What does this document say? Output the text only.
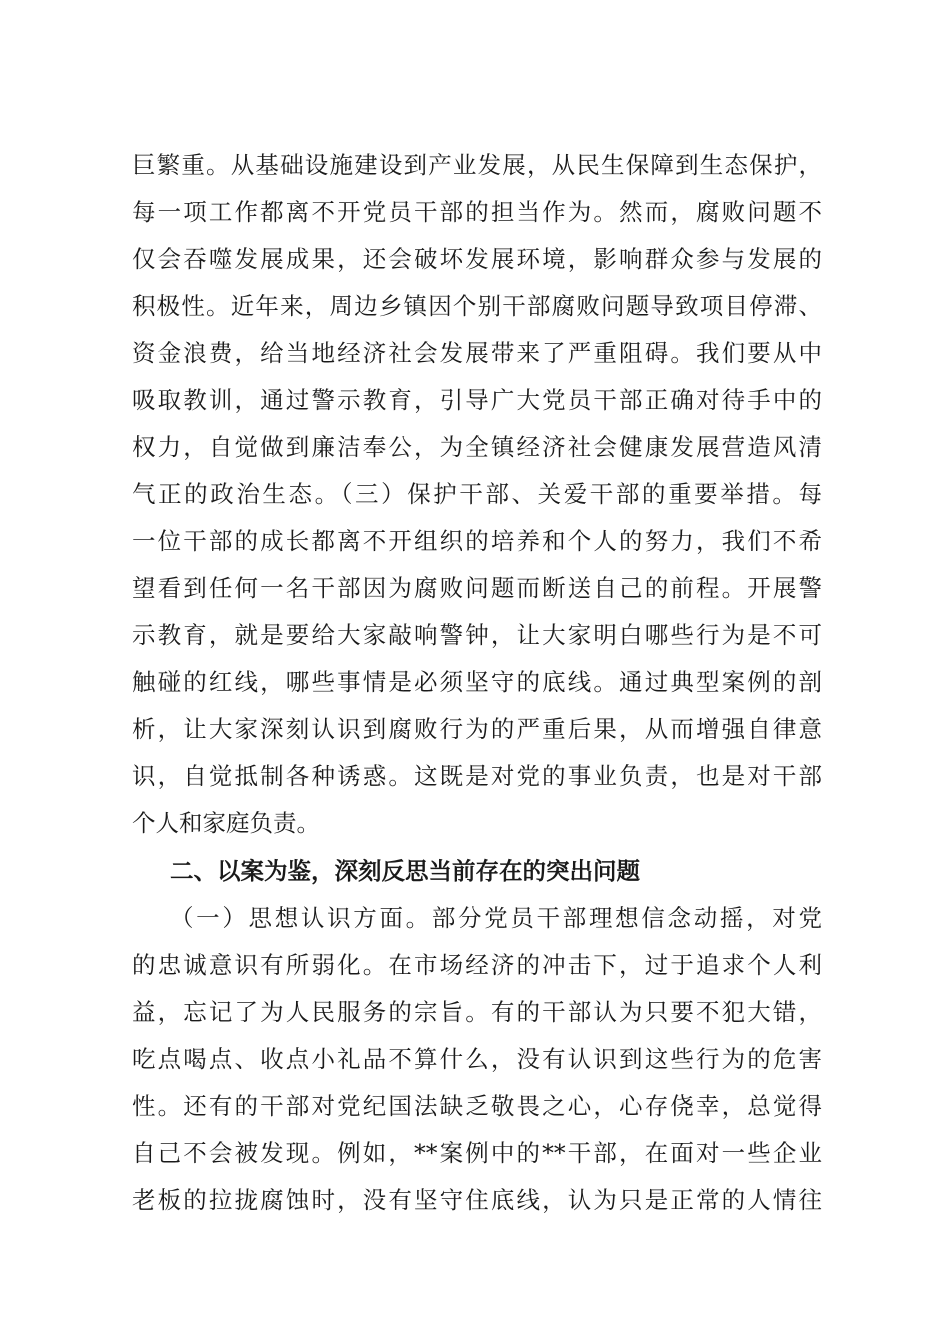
巨繁重。从基础设施建设到产业发展，从民生保障到生态保护，
每一项工作都离不开党员干部的担当作为。然而，腐败问题不
仅会吞噬发展成果，还会破坏发展环境，影响群众参与发展的
积极性。近年来，周边乡镇因个别干部腐败问题导致项目停滞、
资金浪费，给当地经济社会发展带来了严重阻碍。我们要从中
吸取教训，通过警示教育，引导广大党员干部正确对待手中的
权力，自觉做到廉洁奉公，为全镇经济社会健康发展营造风清
气正的政治生态。（三）保护干部、关爱干部的重要举措。每
一位干部的成长都离不开组织的培养和个人的努力，我们不希
望看到任何一名干部因为腐败问题而断送自己的前程。开展警
示教育，就是要给大家敲响警钟，让大家明白哪些行为是不可
触碰的红线，哪些事情是必须坚守的底线。通过典型案例的剖
析，让大家深刻认识到腐败行为的严重后果，从而增强自律意
识，自觉抵制各种诱惑。这既是对党的事业负责，也是对干部
个人和家庭负责。
二、以案为鉴，深刻反思当前存在的突出问题
（一）思想认识方面。部分党员干部理想信念动摇，对党
的忠诚意识有所弱化。在市场经济的冲击下，过于追求个人利
益，忘记了为人民服务的宗旨。有的干部认为只要不犯大错，
吃点喝点、收点小礼品不算什么，没有认识到这些行为的危害
性。还有的干部对党纪国法缺乏敬畏之心，心存侥幸，总觉得
自己不会被发现。例如，**案例中的**干部，在面对一些企业
老板的拉拢腐蚀时，没有坚守住底线，认为只是正常的人情往
